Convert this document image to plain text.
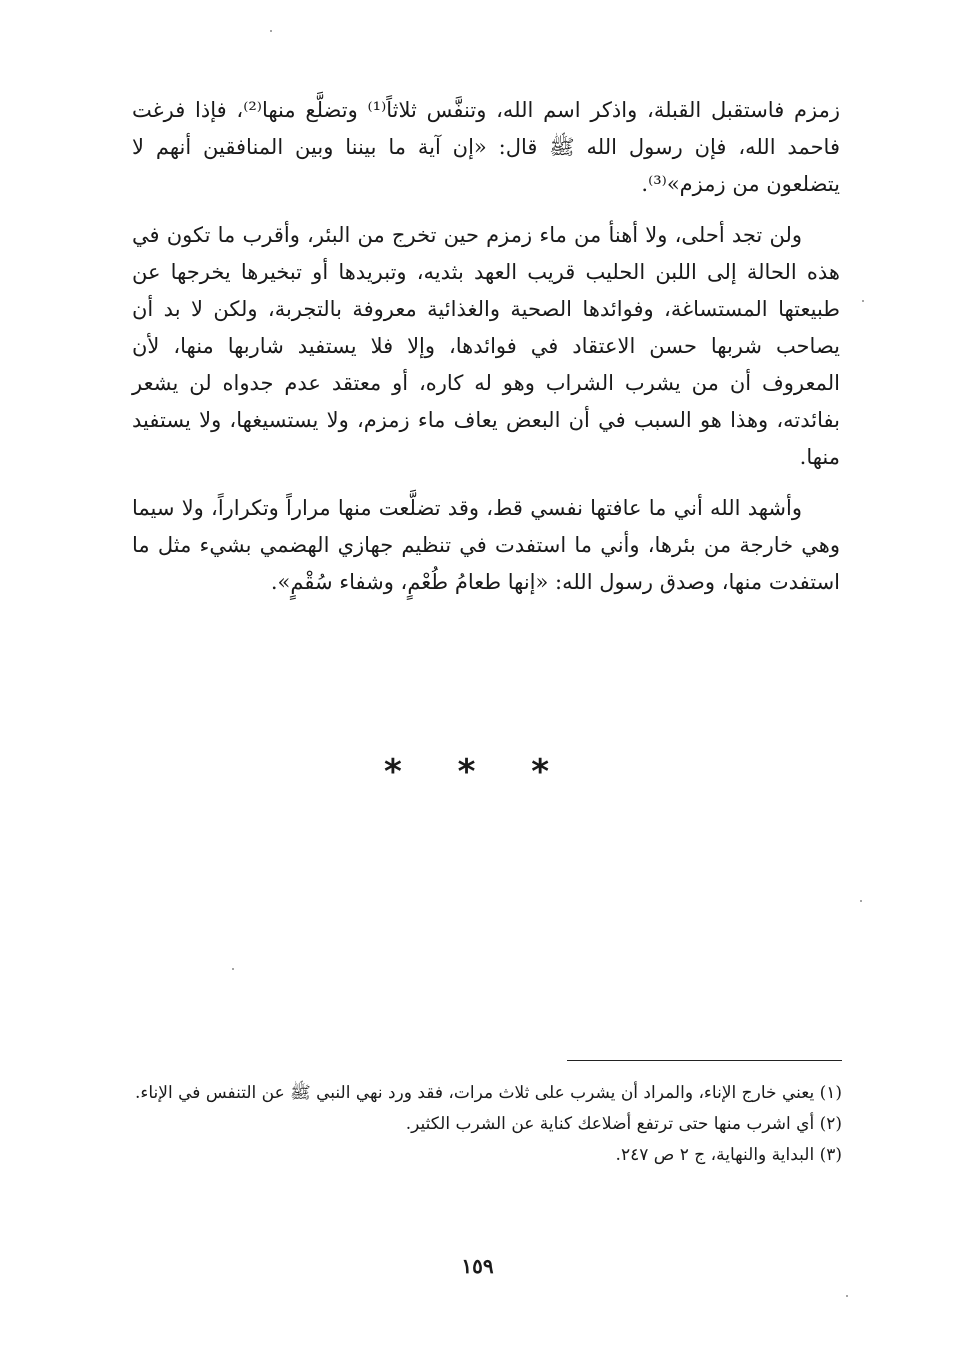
زمزم فاستقبل القبلة، واذكر اسم الله، وتنفَّس ثلاثاً⁽¹⁾ وتضلَّع منها⁽²⁾، فإذا فرغت فاحمد الله، فإن رسول الله ﷺ قال: «إن آية ما بيننا وبين المنافقين أنهم لا يتضلعون من زمزم»⁽³⁾.

ولن تجد أحلى، ولا أهنأ من ماء زمزم حين تخرج من البئر، وأقرب ما تكون في هذه الحالة إلى اللبن الحليب قريب العهد بثديه، وتبريدها أو تبخيرها يخرجها عن طبيعتها المستساغة، وفوائدها الصحية والغذائية معروفة بالتجربة، ولكن لا بد أن يصاحب شربها حسن الاعتقاد في فوائدها، وإلا فلا يستفيد شاربها منها، لأن المعروف أن من يشرب الشراب وهو له كاره، أو معتقد عدم جدواه لن يشعر بفائدته، وهذا هو السبب في أن البعض يعاف ماء زمزم، ولا يستسيغها، ولا يستفيد منها.

وأشهد الله أني ما عافتها نفسي قط، وقد تضلَّعت منها مراراً وتكراراً، ولا سيما وهي خارجة من بئرها، وأني ما استفدت في تنظيم جهازي الهضمي بشيء مثل ما استفدت منها، وصدق رسول الله: «إنها طعامُ طُعْمٍ، وشفاء سُقْمٍ».

* * *

(١) يعني خارج الإناء، والمراد أن يشرب على ثلاث مرات، فقد ورد نهي النبي ﷺ عن التنفس في الإناء.

(٢) أي اشرب منها حتى ترتفع أضلاعك كناية عن الشرب الكثير.

(٣) البداية والنهاية، ج ٢ ص ٢٤٧.

١٥٩
